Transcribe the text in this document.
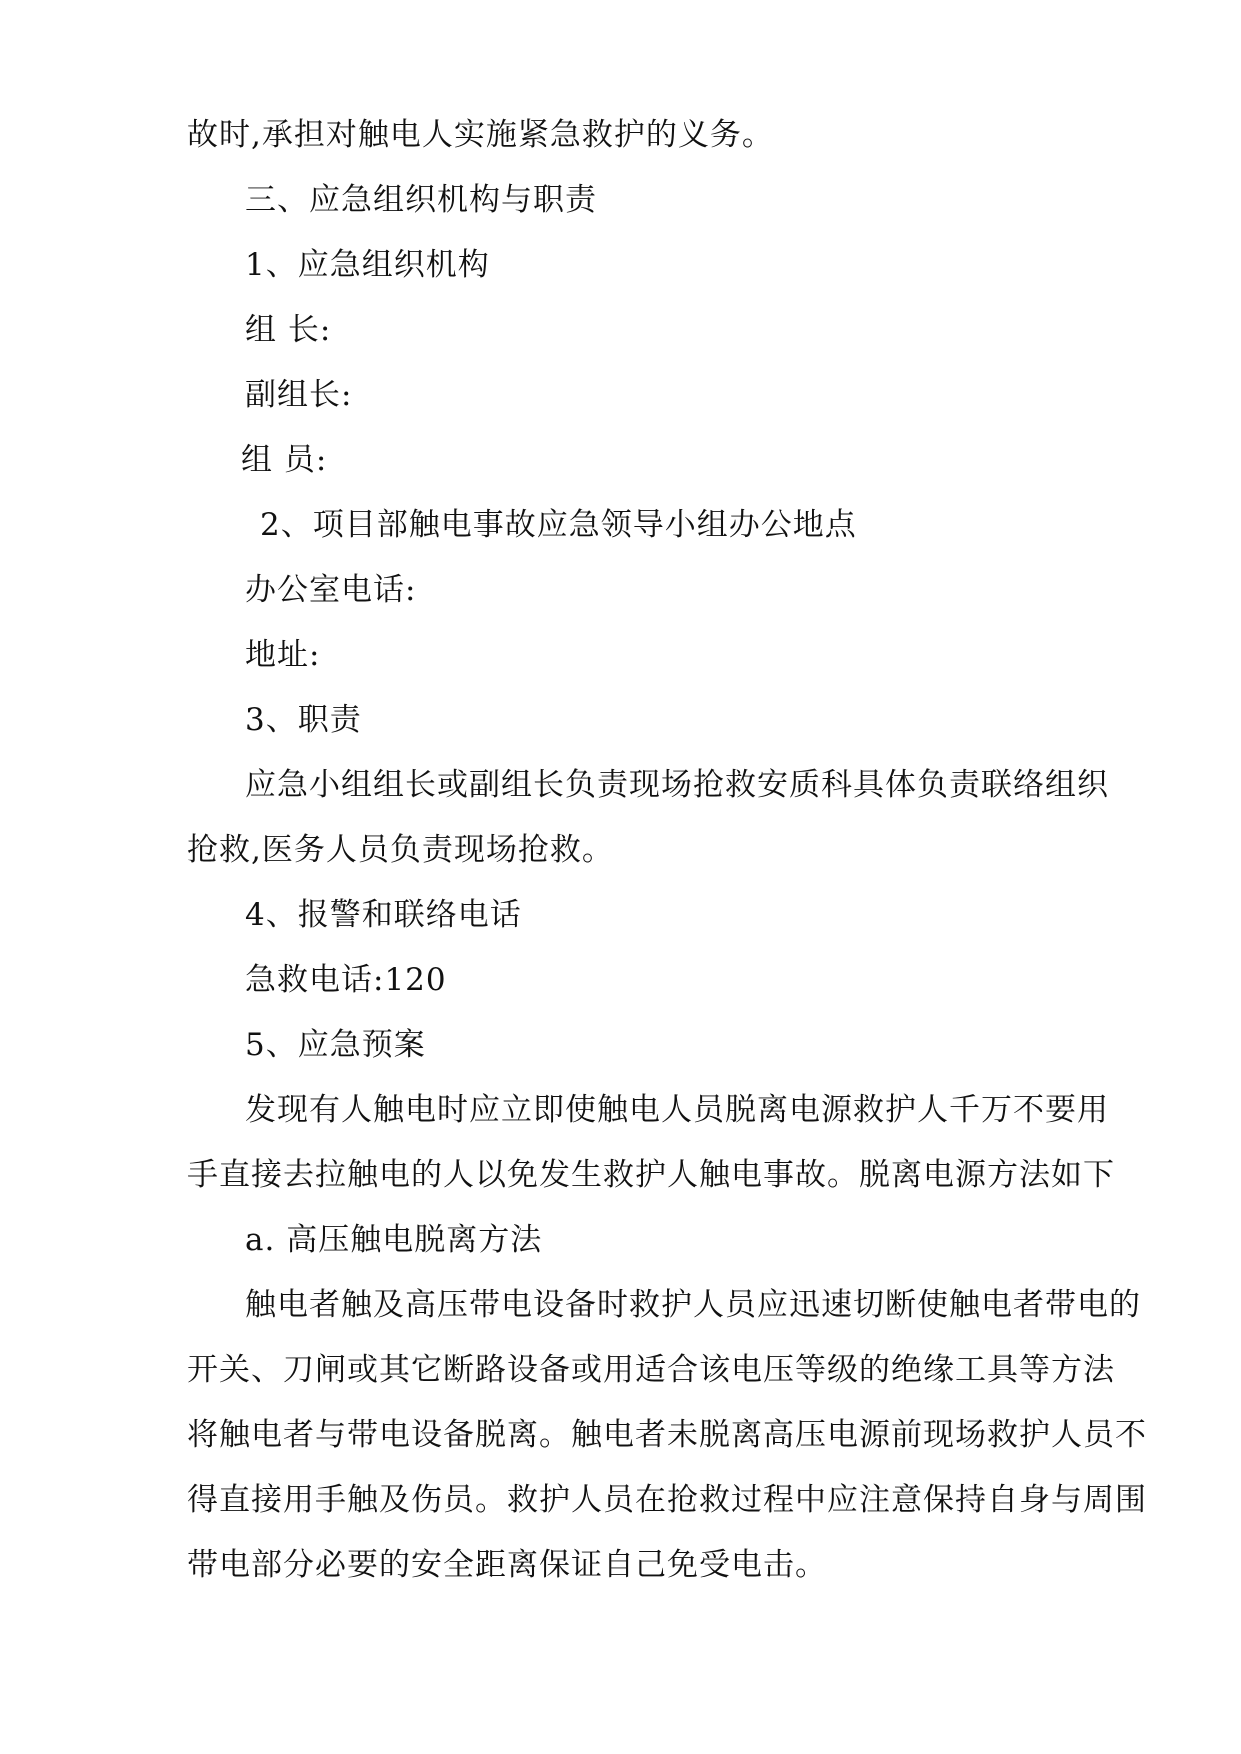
故时,承担对触电人实施紧急救护的义务。
三、应急组织机构与职责
1、应急组织机构
组 长:
副组长:
组 员:
2、项目部触电事故应急领导小组办公地点
办公室电话:
地址:
3、职责
应急小组组长或副组长负责现场抢救安质科具体负责联络组织
抢救,医务人员负责现场抢救。
4、报警和联络电话
急救电话:120
5、应急预案
发现有人触电时应立即使触电人员脱离电源救护人千万不要用
手直接去拉触电的人以免发生救护人触电事故。脱离电源方法如下
a. 高压触电脱离方法
触电者触及高压带电设备时救护人员应迅速切断使触电者带电的
开关、刀闸或其它断路设备或用适合该电压等级的绝缘工具等方法
将触电者与带电设备脱离。触电者未脱离高压电源前现场救护人员不
得直接用手触及伤员。救护人员在抢救过程中应注意保持自身与周围
带电部分必要的安全距离保证自己免受电击。
